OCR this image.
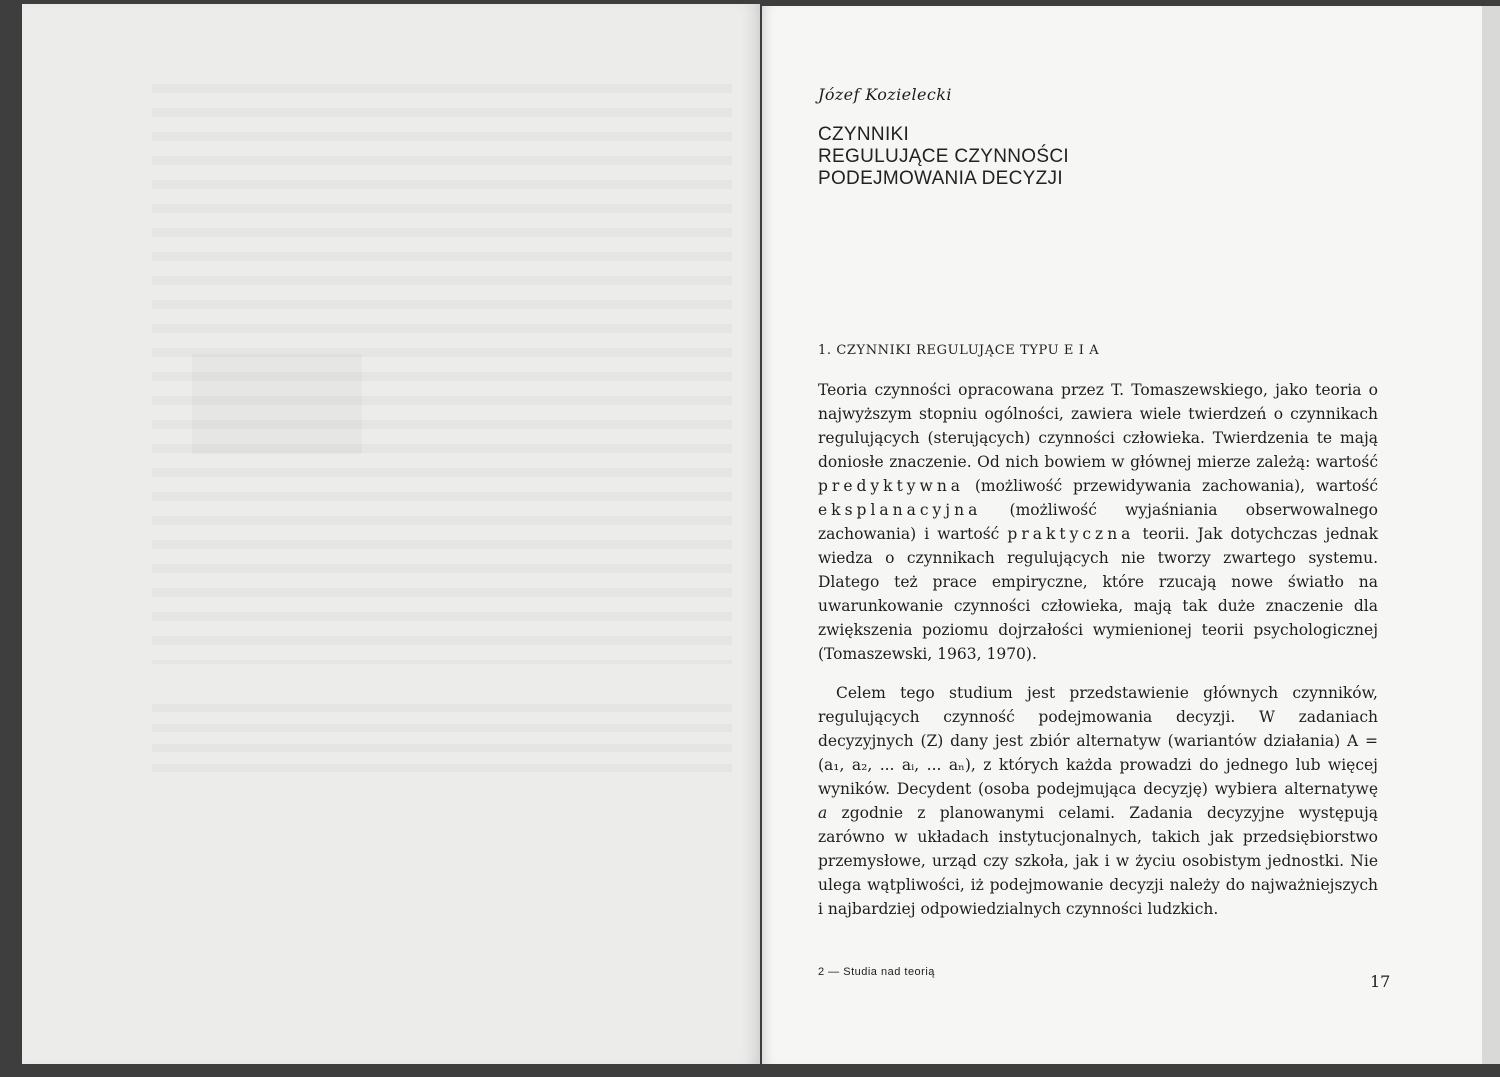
Józef Kozielecki
CZYNNIKI
REGULUJĄCE CZYNNOŚCI
PODEJMOWANIA DECYZJI
1. CZYNNIKI REGULUJĄCE TYPU E I A

Teoria czynności opracowana przez T. Tomaszewskiego, jako teoria o najwyższym stopniu ogólności, zawiera wiele twierdzeń o czynnikach regulujących (sterujących) czynności człowieka. Twierdzenia te mają doniosłe znaczenie. Od nich bowiem w głównej mierze zależą: wartość predyktywna (możliwość przewidywania zachowania), wartość eksplanacyjna (możliwość wyjaśniania obserwowalnego zachowania) i wartość praktyczna teorii. Jak dotychczas jednak wiedza o czynnikach regulujących nie tworzy zwartego systemu. Dlatego też prace empiryczne, które rzucają nowe światło na uwarunkowanie czynności człowieka, mają tak duże znaczenie dla zwiększenia poziomu dojrzałości wymienionej teorii psychologicznej (Tomaszewski, 1963, 1970).

Celem tego studium jest przedstawienie głównych czynników, regulujących czynność podejmowania decyzji. W zadaniach decyzyjnych (Z) dany jest zbiór alternatyw (wariantów działania) A = (a₁, a₂, ... aᵢ, ... aₙ), z których każda prowadzi do jednego lub więcej wyników. Decydent (osoba podejmująca decyzję) wybiera alternatywę a zgodnie z planowanymi celami. Zadania decyzyjne występują zarówno w układach instytucjonalnych, takich jak przedsiębiorstwo przemysłowe, urząd czy szkoła, jak i w życiu osobistym jednostki. Nie ulega wątpliwości, iż podejmowanie decyzji należy do najważniejszych i najbardziej odpowiedzialnych czynności ludzkich.

2 — Studia nad teorią	17
